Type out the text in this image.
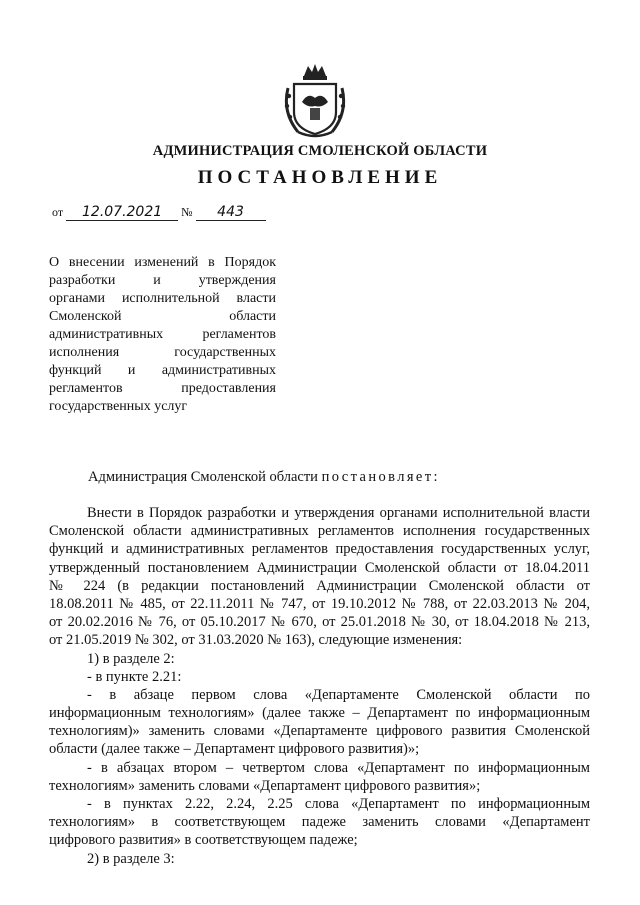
АДМИНИСТРАЦИЯ СМОЛЕНСКОЙ ОБЛАСТИ
ПОСТАНОВЛЕНИЕ
от 12.07.2021 № 443
О внесении изменений в Порядок
разработки и утверждения
органами исполнительной власти
Смоленской области
административных регламентов
исполнения государственных
функций и административных
регламентов предоставления
государственных услуг
Администрация Смоленской области постановляет:
Внести в Порядок разработки и утверждения органами исполнительной власти
Смоленской области административных регламентов исполнения государственных
функций и административных регламентов предоставления государственных услуг,
утвержденный постановлением Администрации Смоленской области от 18.04.2011
№ 224 (в редакции постановлений Администрации Смоленской области от
18.08.2011 № 485, от 22.11.2011 № 747, от 19.10.2012 № 788, от 22.03.2013 № 204,
от 20.02.2016 № 76, от 05.10.2017 № 670, от 25.01.2018 № 30, от 18.04.2018 № 213,
от 21.05.2019 № 302, от 31.03.2020 № 163), следующие изменения:
1) в разделе 2:
- в пункте 2.21:
- в абзаце первом слова «Департаменте Смоленской области по
информационным технологиям» (далее также – Департамент по информационным
технологиям)» заменить словами «Департаменте цифрового развития Смоленской
области (далее также – Департамент цифрового развития)»;
- в абзацах втором – четвертом слова «Департамент по информационным
технологиям» заменить словами «Департамент цифрового развития»;
- в пунктах 2.22, 2.24, 2.25 слова «Департамент по информационным
технологиям» в соответствующем падеже заменить словами «Департамент
цифрового развития» в соответствующем падеже;
2) в разделе 3:
